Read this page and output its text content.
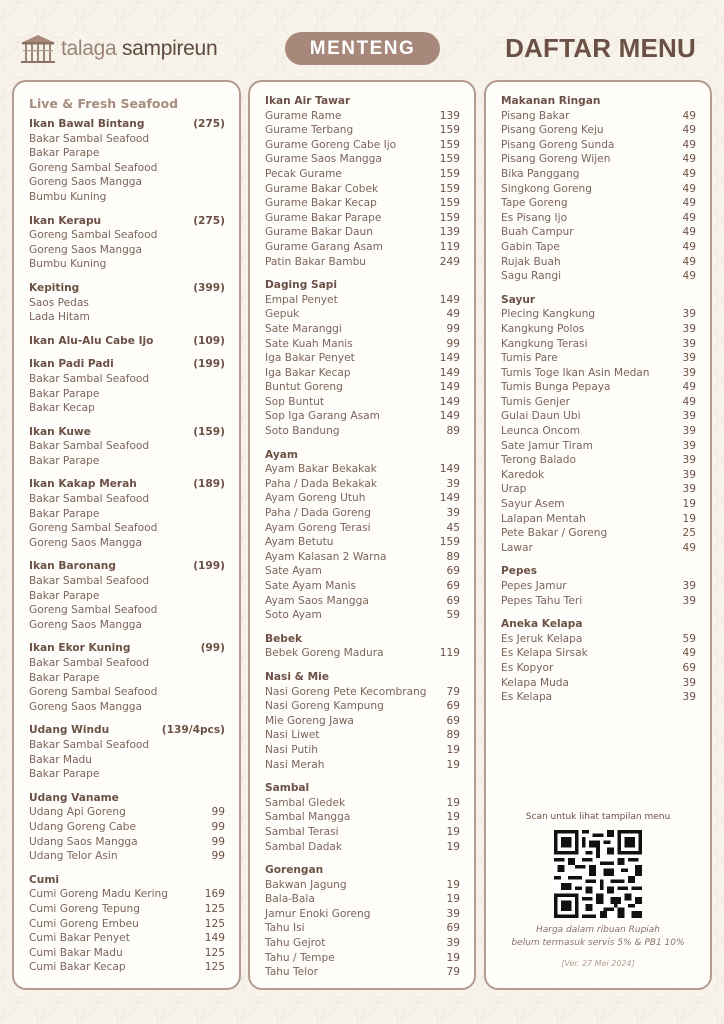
talaga sampireun	MENTENG	DAFTAR MENU
Live & Fresh Seafood
Ikan Bawal Bintang	(275)
Bakar Sambal Seafood
Bakar Parape
Goreng Sambal Seafood
Goreng Saos Mangga
Bumbu Kuning
Ikan Kerapu	(275)
Goreng Sambal Seafood
Goreng Saos Mangga
Bumbu Kuning
Kepiting	(399)
Saos Pedas
Lada Hitam
Ikan Alu-Alu Cabe Ijo	(109)
Ikan Padi Padi	(199)
Bakar Sambal Seafood
Bakar Parape
Bakar Kecap
Ikan Kuwe	(159)
Bakar Sambal Seafood
Bakar Parape
Ikan Kakap Merah	(189)
Bakar Sambal Seafood
Bakar Parape
Goreng Sambal Seafood
Goreng Saos Mangga
Ikan Baronang	(199)
Bakar Sambal Seafood
Bakar Parape
Goreng Sambal Seafood
Goreng Saos Mangga
Ikan Ekor Kuning	(99)
Bakar Sambal Seafood
Bakar Parape
Goreng Sambal Seafood
Goreng Saos Mangga
Udang Windu	(139/4pcs)
Bakar Sambal Seafood
Bakar Madu
Bakar Parape
Udang Vaname
Udang Api Goreng	99
Udang Goreng Cabe	99
Udang Saos Mangga	99
Udang Telor Asin	99
Cumi
Cumi Goreng Madu Kering	169
Cumi Goreng Tepung	125
Cumi Goreng Embeu	125
Cumi Bakar Penyet	149
Cumi Bakar Madu	125
Cumi Bakar Kecap	125
Ikan Air Tawar
Gurame Rame	139
Gurame Terbang	159
Gurame Goreng Cabe Ijo	159
Gurame Saos Mangga	159
Pecak Gurame	159
Gurame Bakar Cobek	159
Gurame Bakar Kecap	159
Gurame Bakar Parape	159
Gurame Bakar Daun	139
Gurame Garang Asam	119
Patin Bakar Bambu	249
Daging Sapi
Empal Penyet	149
Gepuk	49
Sate Maranggi	99
Sate Kuah Manis	99
Iga Bakar Penyet	149
Iga Bakar Kecap	149
Buntut Goreng	149
Sop Buntut	149
Sop Iga Garang Asam	149
Soto Bandung	89
Ayam
Ayam Bakar Bekakak	149
Paha / Dada Bekakak	39
Ayam Goreng Utuh	149
Paha / Dada Goreng	39
Ayam Goreng Terasi	45
Ayam Betutu	159
Ayam Kalasan 2 Warna	89
Sate Ayam	69
Sate Ayam Manis	69
Ayam Saos Mangga	69
Soto Ayam	59
Bebek
Bebek Goreng Madura	119
Nasi & Mie
Nasi Goreng Pete Kecombrang 79
Nasi Goreng Kampung	69
Mie Goreng Jawa	69
Nasi Liwet	89
Nasi Putih	19
Nasi Merah	19
Sambal
Sambal Gledek	19
Sambal Mangga	19
Sambal Terasi	19
Sambal Dadak	19
Gorengan
Bakwan Jagung	19
Bala-Bala	19
Jamur Enoki Goreng	39
Tahu Isi	69
Tahu Gejrot	39
Tahu / Tempe	19
Tahu Telor	79
Makanan Ringan
Pisang Bakar	49
Pisang Goreng Keju	49
Pisang Goreng Sunda	49
Pisang Goreng Wijen	49
Bika Panggang	49
Singkong Goreng	49
Tape Goreng	49
Es Pisang Ijo	49
Buah Campur	49
Gabin Tape	49
Rujak Buah	49
Sagu Rangi	49
Sayur
Plecing Kangkung	39
Kangkung Polos	39
Kangkung Terasi	39
Tumis Pare	39
Tumis Toge Ikan Asin Medan	39
Tumis Bunga Pepaya	49
Tumis Genjer	49
Gulai Daun Ubi	39
Leunca Oncom	39
Sate Jamur Tiram	39
Terong Balado	39
Karedok	39
Urap	39
Sayur Asem	19
Lalapan Mentah	19
Pete Bakar / Goreng	25
Lawar	49
Pepes
Pepes Jamur	39
Pepes Tahu Teri	39
Aneka Kelapa
Es Jeruk Kelapa	59
Es Kelapa Sirsak	49
Es Kopyor	69
Kelapa Muda	39
Es Kelapa	39
Scan untuk lihat tampilan menu
Harga dalam ribuan Rupiah
belum termasuk servis 5% & PB1 10%
[Ver. 27 Mei 2024]
